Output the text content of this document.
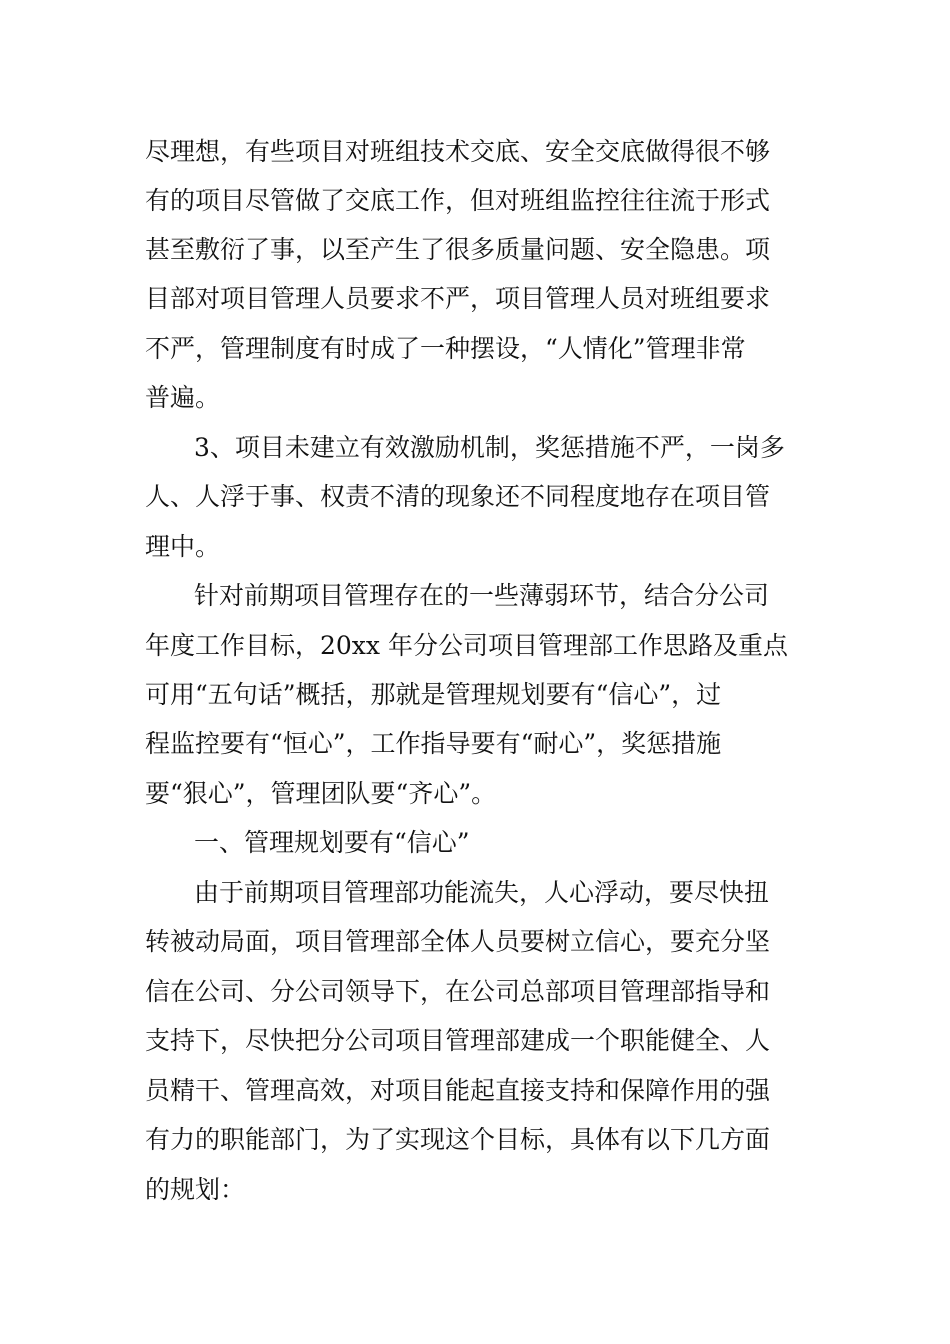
尽理想，有些项目对班组技术交底、安全交底做得很不够
有的项目尽管做了交底工作，但对班组监控往往流于形式
甚至敷衍了事，以至产生了很多质量问题、安全隐患。项
目部对项目管理人员要求不严，项目管理人员对班组要求
不严，管理制度有时成了一种摆设，“人情化”管理非常
普遍。
3、项目未建立有效激励机制，奖惩措施不严，一岗多
人、人浮于事、权责不清的现象还不同程度地存在项目管
理中。
针对前期项目管理存在的一些薄弱环节，结合分公司
年度工作目标，20xx 年分公司项目管理部工作思路及重点
可用“五句话”概括，那就是管理规划要有“信心”，过
程监控要有“恒心”，工作指导要有“耐心”，奖惩措施
要“狠心”，管理团队要“齐心”。
一、管理规划要有“信心”
由于前期项目管理部功能流失，人心浮动，要尽快扭
转被动局面，项目管理部全体人员要树立信心，要充分坚
信在公司、分公司领导下，在公司总部项目管理部指导和
支持下，尽快把分公司项目管理部建成一个职能健全、人
员精干、管理高效，对项目能起直接支持和保障作用的强
有力的职能部门，为了实现这个目标，具体有以下几方面
的规划：
